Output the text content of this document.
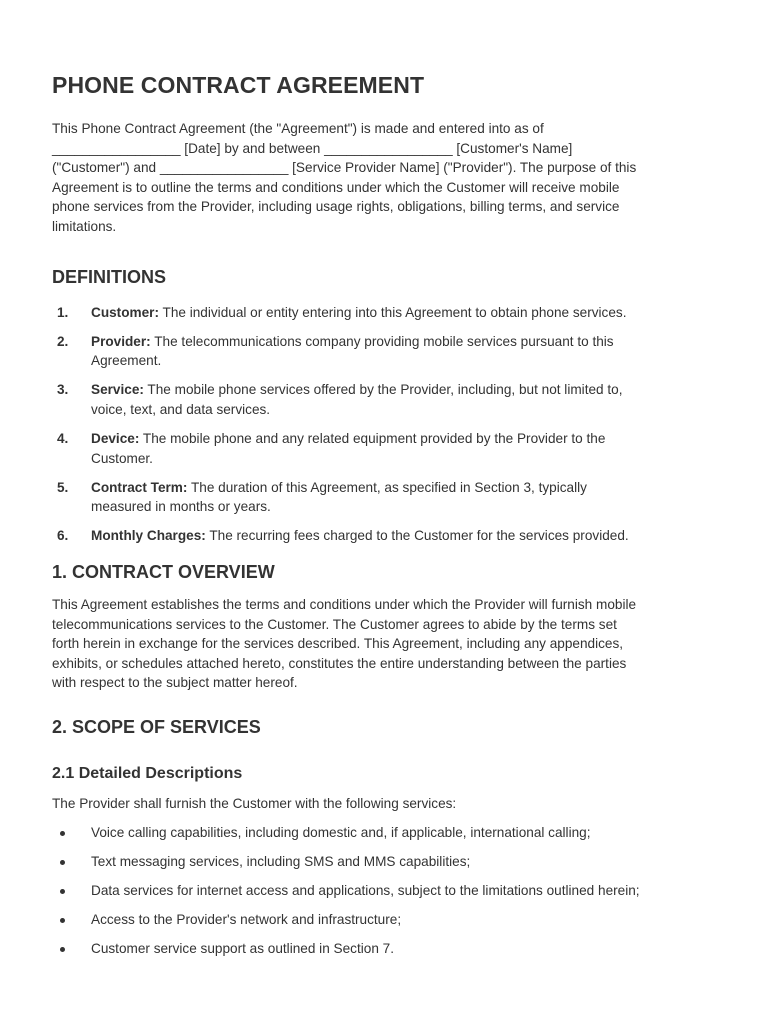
PHONE CONTRACT AGREEMENT

This Phone Contract Agreement (the "Agreement") is made and entered into as of
_________________ [Date] by and between _________________ [Customer's Name]
("Customer") and _________________ [Service Provider Name] ("Provider"). The purpose of this
Agreement is to outline the terms and conditions under which the Customer will receive mobile
phone services from the Provider, including usage rights, obligations, billing terms, and service
limitations.

DEFINITIONS
1. Customer: The individual or entity entering into this Agreement to obtain phone services.
2. Provider: The telecommunications company providing mobile services pursuant to this
Agreement.
3. Service: The mobile phone services offered by the Provider, including, but not limited to,
voice, text, and data services.
4. Device: The mobile phone and any related equipment provided by the Provider to the
Customer.
5. Contract Term: The duration of this Agreement, as specified in Section 3, typically
measured in months or years.
6. Monthly Charges: The recurring fees charged to the Customer for the services provided.
1. CONTRACT OVERVIEW

This Agreement establishes the terms and conditions under which the Provider will furnish mobile
telecommunications services to the Customer. The Customer agrees to abide by the terms set
forth herein in exchange for the services described. This Agreement, including any appendices,
exhibits, or schedules attached hereto, constitutes the entire understanding between the parties
with respect to the subject matter hereof.

2. SCOPE OF SERVICES
2.1 Detailed Descriptions

The Provider shall furnish the Customer with the following services:

Voice calling capabilities, including domestic and, if applicable, international calling;
Text messaging services, including SMS and MMS capabilities;
Data services for internet access and applications, subject to the limitations outlined herein;
Access to the Provider's network and infrastructure;
Customer service support as outlined in Section 7.
